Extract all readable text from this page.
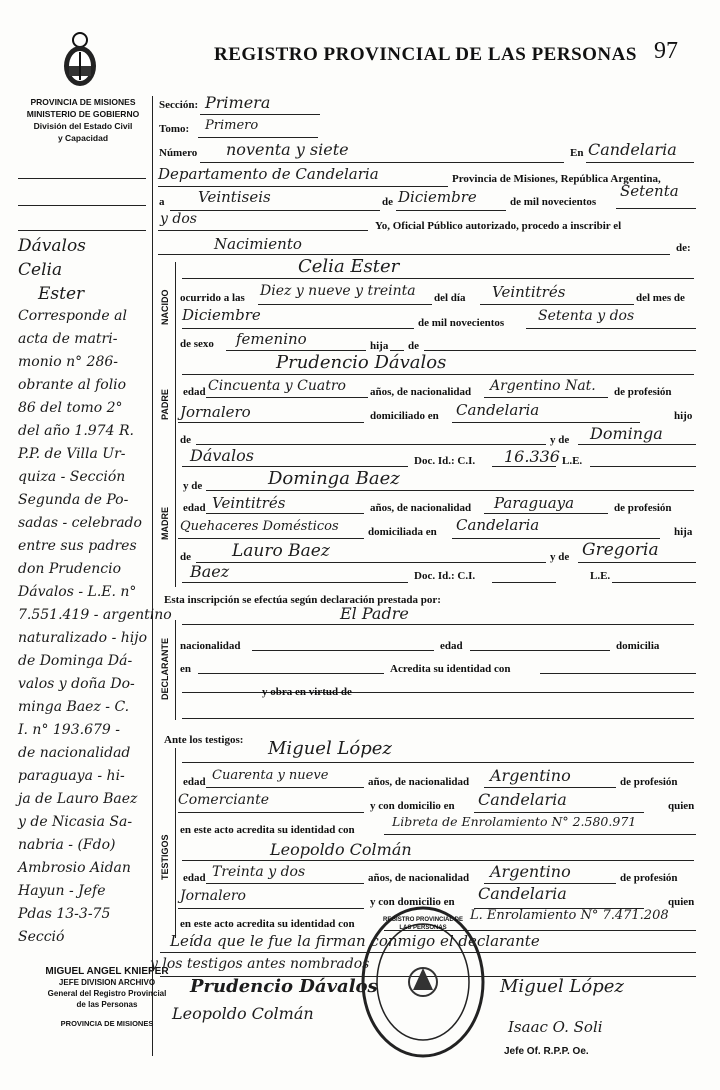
REGISTRO PROVINCIAL DE LAS PERSONAS 97
PROVINCIA DE MISIONES
MINISTERIO DE GOBIERNO
División del Estado Civil
y Capacidad
Dávalos
Celia
Ester
Corresponde al
acta de matri-
monio n° 286-
obrante al folio
86 del tomo 2°
del año 1.974 R.
P.P. de Villa Ur-
quiza - Sección
Segunda de Po-
sadas - celebrado
entre sus padres
don Prudencio
Dávalos - L.E. n°
7.551.419 - argentino
naturalizado - hijo
de Dominga Dá-
valos y doña Do-
minga Baez - C.
I. n° 193.679 -
de nacionalidad
paraguaya - hi-
ja de Lauro Baez
y de Nicasia Sa-
nabria - (Fdo)
Ambrosio Aidan
Hayun - Jefe
Pdas 13-3-75
Secció
MIGUEL ANGEL KNIEPER
JEFE DIVISION ARCHIVO
General del Registro Provincial
de las Personas
PROVINCIA DE MISIONES
Sección: Primera
Tomo: Primero
Número noventa y siete	En Candelaria
Departamento de Candelaria	Provincia de Misiones, República Argentina,
a Veintiseis	de Diciembre	de mil novecientos
Setenta
y dos	Yo, Oficial Público autorizado, procedo a inscribir el
Nacimiento	de:
NACIDO
Celia Ester
ocurrido a las Diez y nueve y treinta del día Veintitrés	del mes de
Diciembre	de mil novecientos Setenta y dos
de sexo femenino	hija de
PADRE
Prudencio Dávalos
edad Cincuenta y Cuatro años, de nacionalidad Argentino Nat. de profesión
Jornalero	domiciliado en Candelaria	hijo
de	y de Dominga
Dávalos	Doc. Id.: C.I. 16.336 L.E.
MADRE
y de	Dominga Baez
edad Veintitrés	años, de nacionalidad Paraguaya	de profesión
Quehaceres Domésticos	domiciliada en Candelaria	hija
de Lauro Baez	y de Gregoria
Baez	Doc. Id.: C.I.	L.E.
Esta inscripción se efectúa según declaración prestada por:
El Padre
DECLARANTE nacionalidad	edad	domicilia
en	Acredita su identidad con
y obra en virtud de
Ante los testigos:
TESTIGOS
Miguel López
edad Cuarenta y nueve	años, de nacionalidad Argentino	de profesión
Comerciante	y con domicilio en Candelaria	quien
en este acto acredita su identidad con
Libreta de Enrolamiento N° 2.580.971
Leopoldo Colmán
edad Treinta y dos	años, de nacionalidad Argentino	de profesión
Jornalero	y con domicilio en Candelaria	quien
en este acto acredita su identidad con
L. Enrolamiento N° 7.471.208
Leída que le fue la firman conmigo el declarante
y los testigos antes nombrados
Prudencio Dávalos	Miguel López
Leopoldo Colmán
Isaac O. Soli
Jefe Of. R.P.P. Oe.
REGISTRO PROVINCIAL DE LAS PERSONAS
